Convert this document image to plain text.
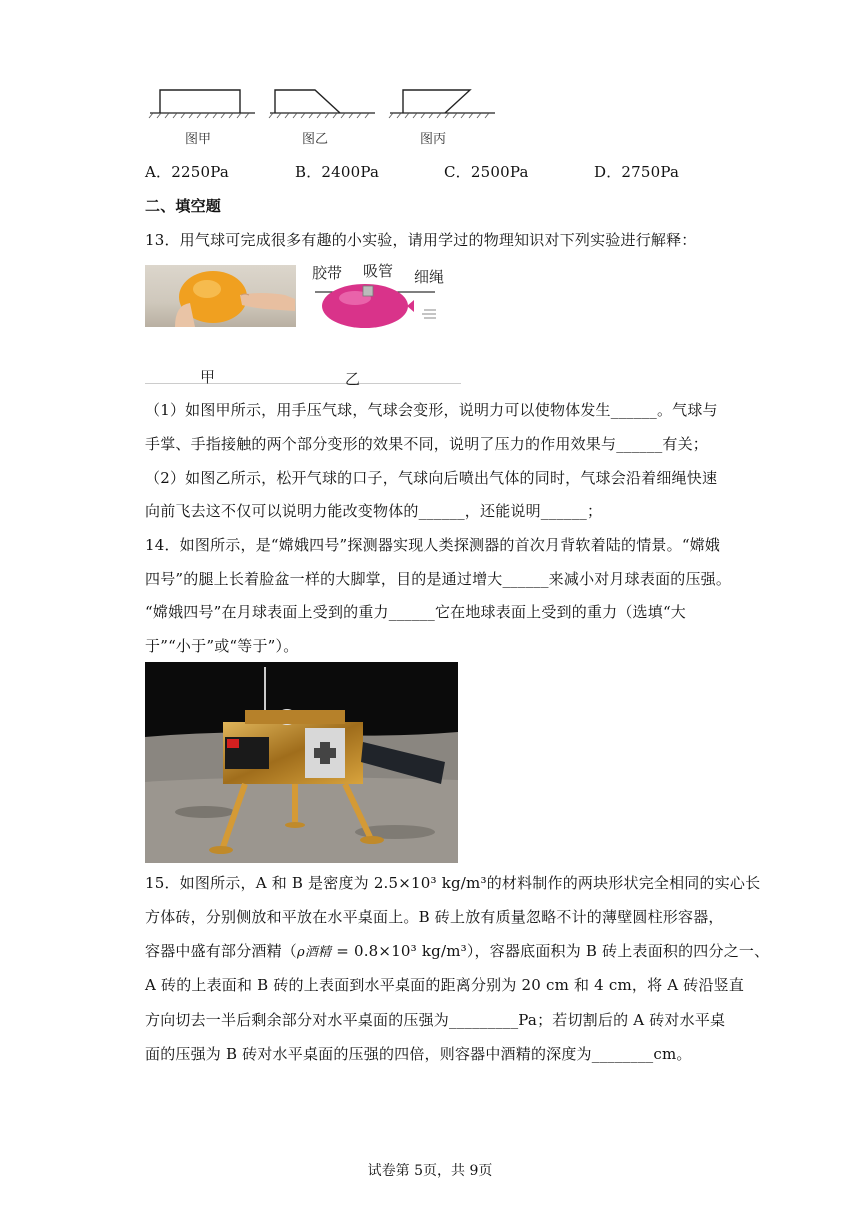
图甲	图乙	图丙
A．2250Pa	B．2400Pa	C．2500Pa	D．2750Pa
二、填空题
13．用气球可完成很多有趣的小实验，请用学过的物理知识对下列实验进行解释：
胶带 吸管 细绳
甲	乙
（1）如图甲所示，用手压气球，气球会变形，说明力可以使物体发生______。气球与
手掌、手指接触的两个部分变形的效果不同，说明了压力的作用效果与______有关；
（2）如图乙所示，松开气球的口子，气球向后喷出气体的同时，气球会沿着细绳快速
向前飞去这不仅可以说明力能改变物体的______，还能说明______；
14．如图所示，是“嫦娥四号”探测器实现人类探测器的首次月背软着陆的情景。“嫦娥
四号”的腿上长着脸盆一样的大脚掌，目的是通过增大______来减小对月球表面的压强。
“嫦娥四号”在月球表面上受到的重力______它在地球表面上受到的重力（选填“大
于”“小于”或“等于”）。
15．如图所示，A 和 B 是密度为 2.5×10³ kg/m³的材料制作的两块形状完全相同的实心长
方体砖，分别侧放和平放在水平桌面上。B 砖上放有质量忽略不计的薄壁圆柱形容器，
容器中盛有部分酒精（ρ酒精 = 0.8×10³ kg/m³），容器底面积为 B 砖上表面积的四分之一、
A 砖的上表面和 B 砖的上表面到水平桌面的距离分别为 20 cm 和 4 cm，将 A 砖沿竖直
方向切去一半后剩余部分对水平桌面的压强为_________Pa；若切割后的 A 砖对水平桌
面的压强为 B 砖对水平桌面的压强的四倍，则容器中酒精的深度为________cm。
试卷第 5页，共 9页
